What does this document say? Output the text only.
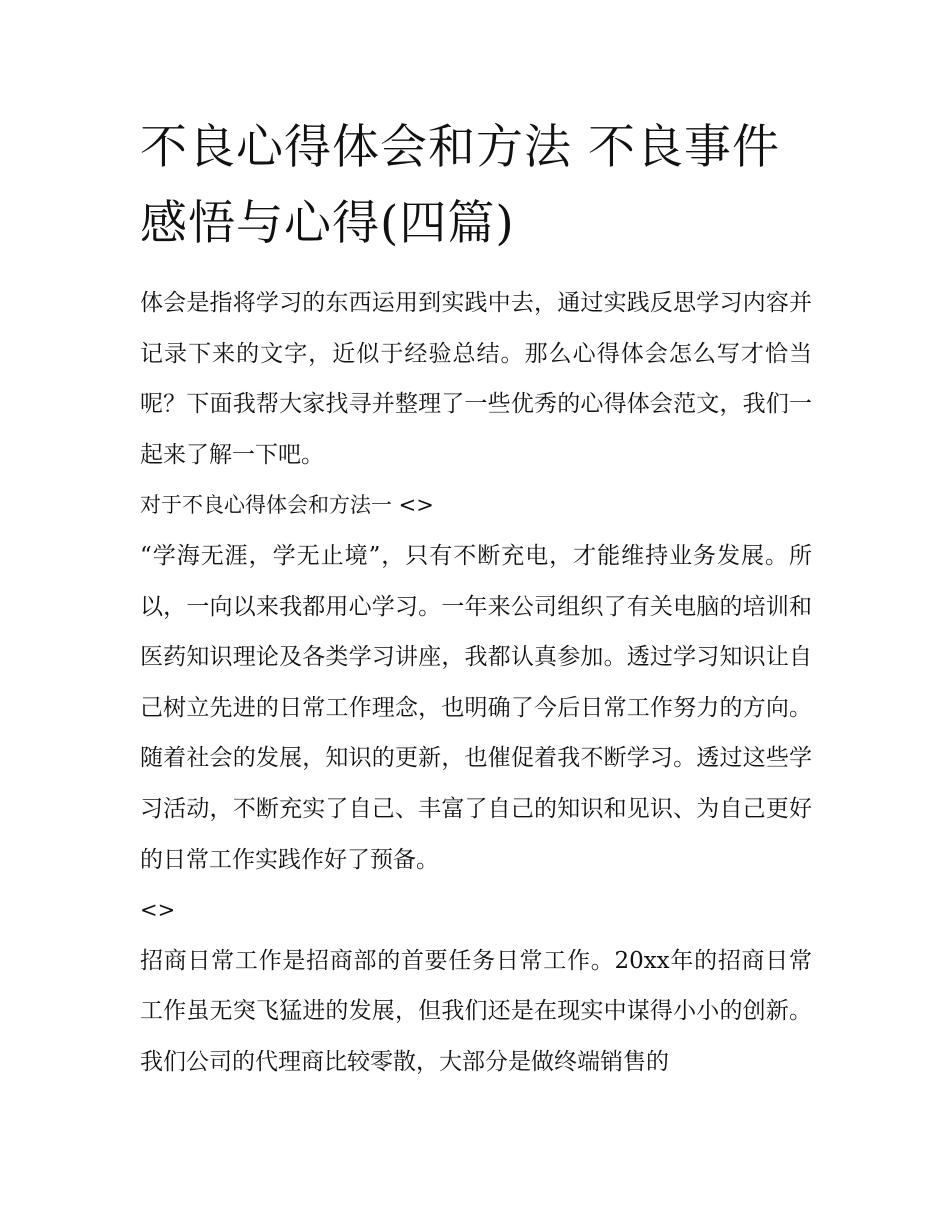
不良心得体会和方法 不良事件感悟与心得(四篇)

体会是指将学习的东西运用到实践中去，通过实践反思学习内容并记录下来的文字，近似于经验总结。那么心得体会怎么写才恰当呢？下面我帮大家找寻并整理了一些优秀的心得体会范文，我们一起来了解一下吧。

对于不良心得体会和方法一 <>

“学海无涯，学无止境”，只有不断充电，才能维持业务发展。所以，一向以来我都用心学习。一年来公司组织了有关电脑的培训和医药知识理论及各类学习讲座，我都认真参加。透过学习知识让自己树立先进的日常工作理念，也明确了今后日常工作努力的方向。随着社会的发展，知识的更新，也催促着我不断学习。透过这些学习活动，不断充实了自己、丰富了自己的知识和见识、为自己更好的日常工作实践作好了预备。

<>

招商日常工作是招商部的首要任务日常工作。20xx年的招商日常工作虽无突飞猛进的发展，但我们还是在现实中谋得小小的创新。我们公司的代理商比较零散，大部分是做终端销售的
